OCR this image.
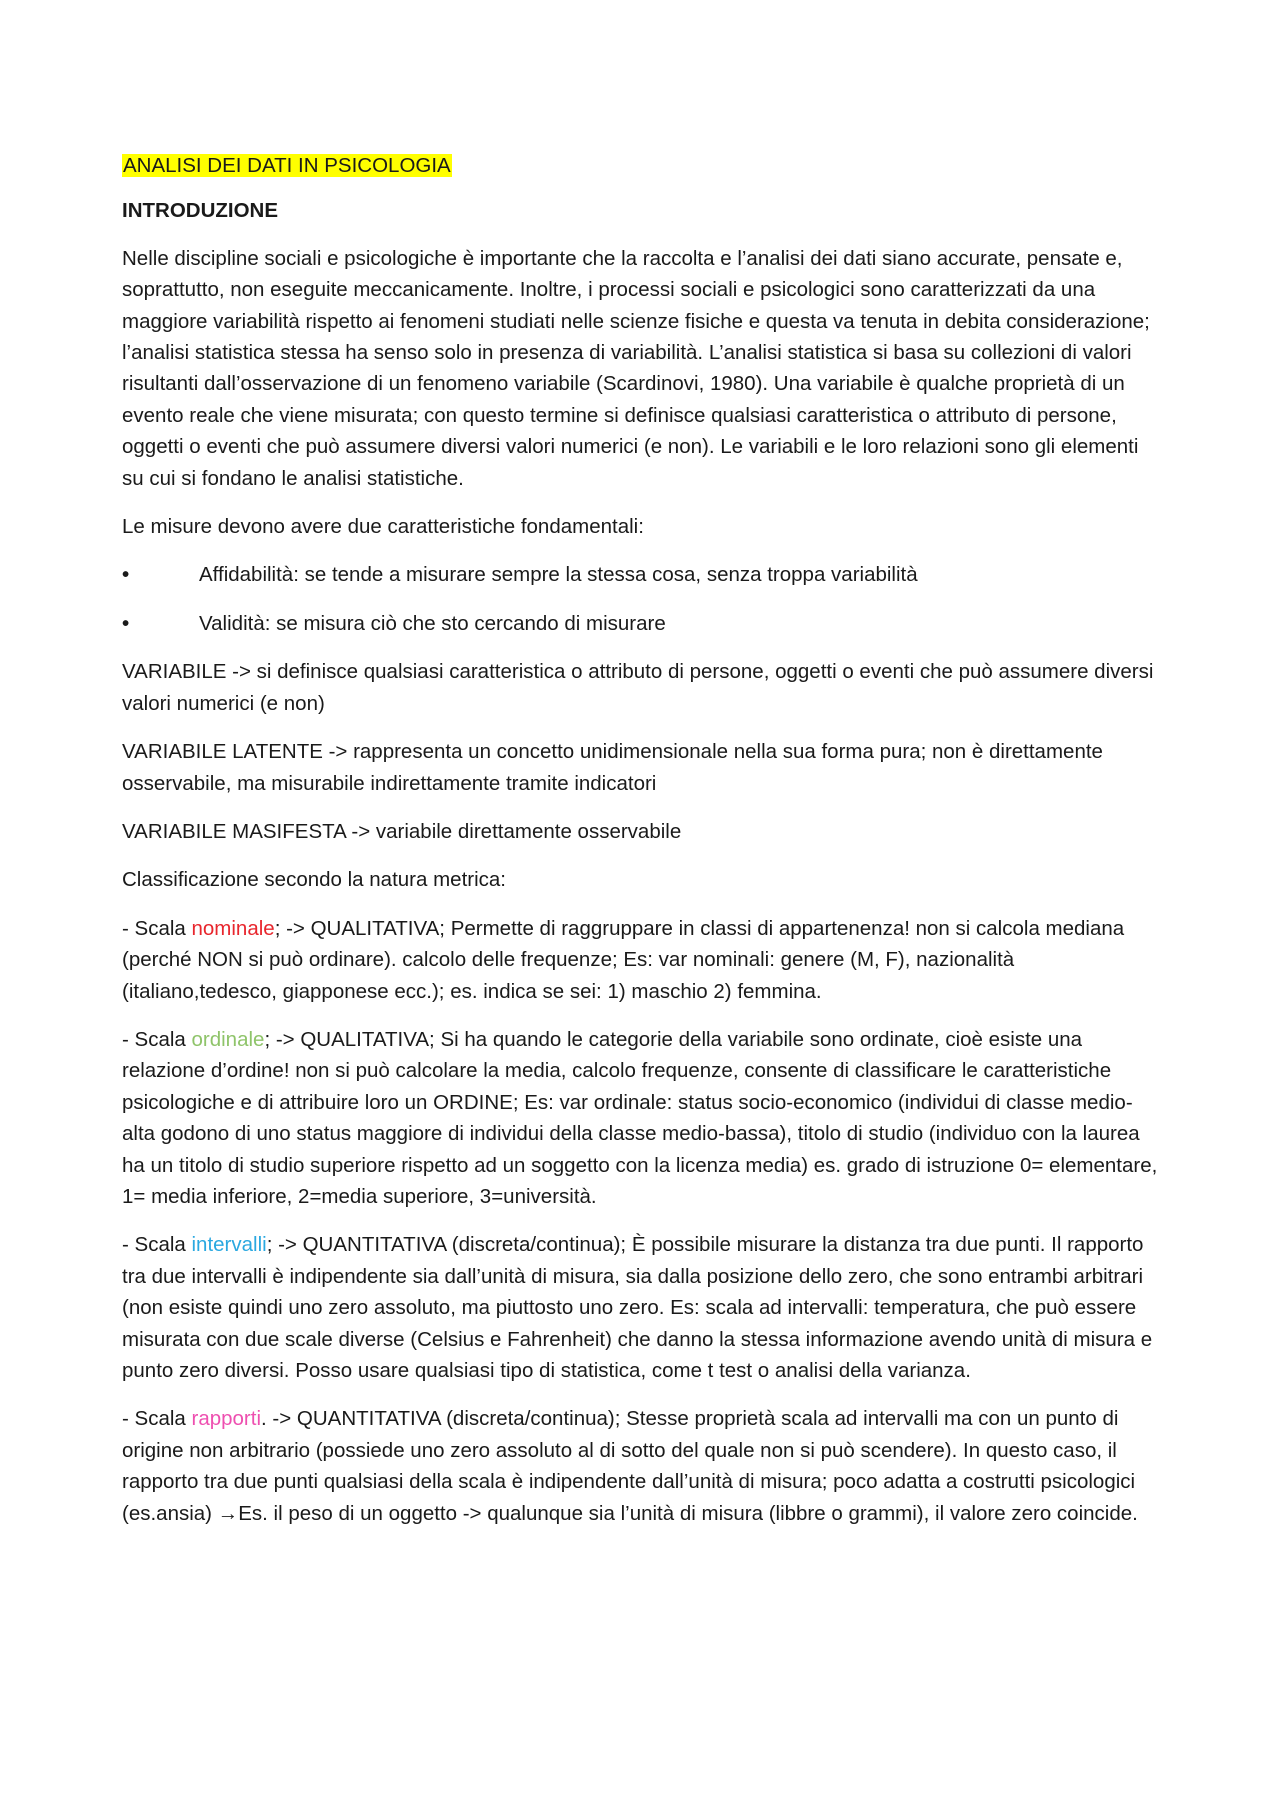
ANALISI DEI DATI IN PSICOLOGIA
INTRODUZIONE

Nelle discipline sociali e psicologiche è importante che la raccolta e l’analisi dei dati siano accurate, pensate e, soprattutto, non eseguite meccanicamente. Inoltre, i processi sociali e psicologici sono caratterizzati da una maggiore variabilità rispetto ai fenomeni studiati nelle scienze fisiche e questa va tenuta in debita considerazione; l’analisi statistica stessa ha senso solo in presenza di variabilità. L’analisi statistica si basa su collezioni di valori risultanti dall’osservazione di un fenomeno variabile (Scardinovi, 1980). Una variabile è qualche proprietà di un evento reale che viene misurata; con questo termine si definisce qualsiasi caratteristica o attributo di persone, oggetti o eventi che può assumere diversi valori numerici (e non). Le variabili e le loro relazioni sono gli elementi su cui si fondano le analisi statistiche.

Le misure devono avere due caratteristiche fondamentali:

•	Affidabilità: se tende a misurare sempre la stessa cosa, senza troppa variabilità
•	Validità: se misura ciò che sto cercando di misurare

VARIABILE -> si definisce qualsiasi caratteristica o attributo di persone, oggetti o eventi che può assumere diversi valori numerici (e non)

VARIABILE LATENTE -> rappresenta un concetto unidimensionale nella sua forma pura; non è direttamente osservabile, ma misurabile indirettamente tramite indicatori

VARIABILE MASIFESTA -> variabile direttamente osservabile

Classificazione secondo la natura metrica:

- Scala nominale; -> QUALITATIVA; Permette di raggruppare in classi di appartenenza! non si calcola mediana (perché NON si può ordinare). calcolo delle frequenze; Es: var nominali: genere (M, F), nazionalità (italiano,tedesco, giapponese ecc.); es. indica se sei: 1) maschio 2) femmina.

- Scala ordinale; -> QUALITATIVA; Si ha quando le categorie della variabile sono ordinate, cioè esiste una relazione d’ordine! non si può calcolare la media, calcolo frequenze, consente di classificare le caratteristiche psicologiche e di attribuire loro un ORDINE; Es: var ordinale: status socio-economico (individui di classe medio-alta godono di uno status maggiore di individui della classe medio-bassa), titolo di studio (individuo con la laurea ha un titolo di studio superiore rispetto ad un soggetto con la licenza media) es. grado di istruzione 0= elementare, 1= media inferiore, 2=media superiore, 3=università.

- Scala intervalli; -> QUANTITATIVA (discreta/continua); È possibile misurare la distanza tra due punti. Il rapporto tra due intervalli è indipendente sia dall’unità di misura, sia dalla posizione dello zero, che sono entrambi arbitrari (non esiste quindi uno zero assoluto, ma piuttosto uno zero. Es: scala ad intervalli: temperatura, che può essere misurata con due scale diverse (Celsius e Fahrenheit) che danno la stessa informazione avendo unità di misura e punto zero diversi. Posso usare qualsiasi tipo di statistica, come t test o analisi della varianza.

- Scala rapporti. -> QUANTITATIVA (discreta/continua); Stesse proprietà scala ad intervalli ma con un punto di origine non arbitrario (possiede uno zero assoluto al di sotto del quale non si può scendere). In questo caso, il rapporto tra due punti qualsiasi della scala è indipendente dall’unità di misura; poco adatta a costrutti psicologici (es.ansia) →Es. il peso di un oggetto -> qualunque sia l’unità di misura (libbre o grammi), il valore zero coincide.
